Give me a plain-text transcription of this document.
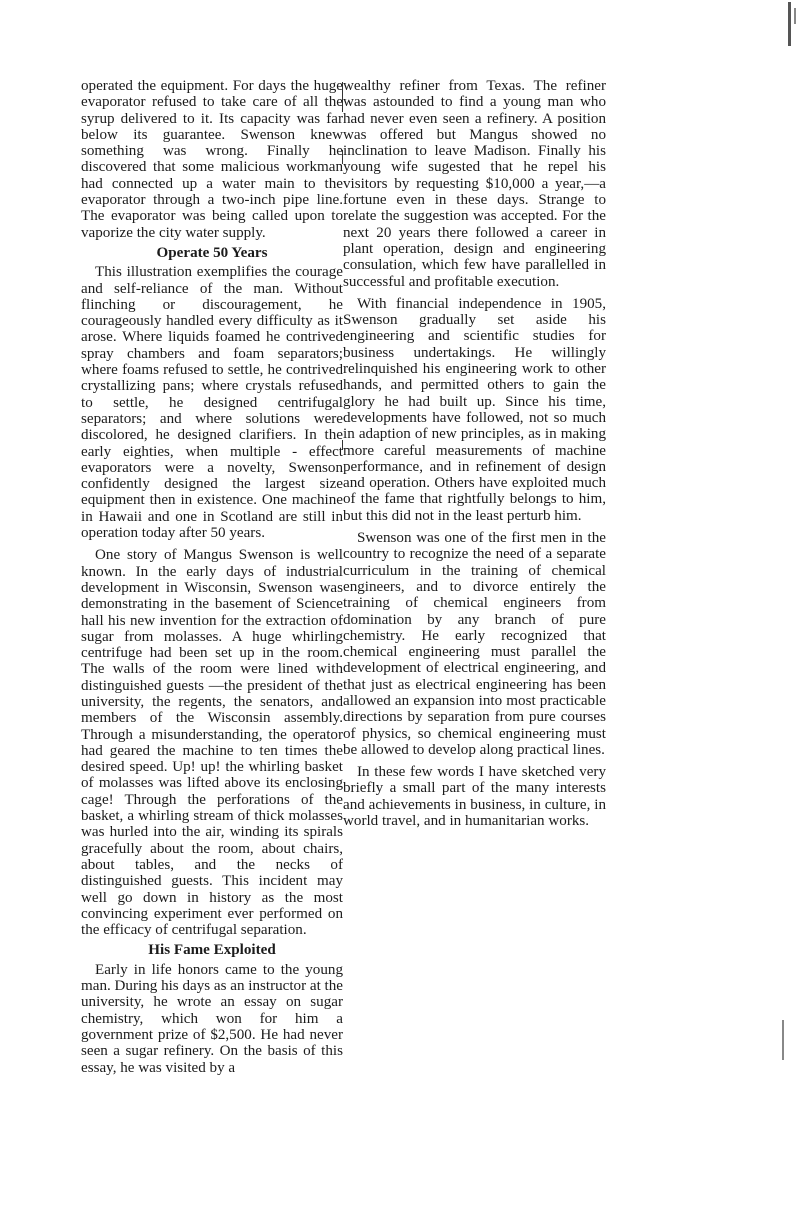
operated the equipment. For days the huge evaporator refused to take care of all the syrup delivered to it. Its capacity was far below its guarantee. Swenson knew something was wrong. Finally he discovered that some malicious workman had connected up a water main to the evaporator through a two-inch pipe line. The evaporator was being called upon to vaporize the city water supply.

Operate 50 Years

This illustration exemplifies the courage and self-reliance of the man. Without flinching or discouragement, he courageously handled every difficulty as it arose. Where liquids foamed he contrived spray chambers and foam separators; where foams refused to settle, he contrived crystallizing pans; where crystals refused to settle, he designed centrifugal separators; and where solutions were discolored, he designed clarifiers. In the early eighties, when multiple - effect evaporators were a novelty, Swenson confidently designed the largest size equipment then in existence. One machine in Hawaii and one in Scotland are still in operation today after 50 years.

One story of Mangus Swenson is well known. In the early days of industrial development in Wisconsin, Swenson was demonstrating in the basement of Science hall his new invention for the extraction of sugar from molasses. A huge whirling centrifuge had been set up in the room. The walls of the room were lined with distinguished guests —the president of the university, the regents, the senators, and members of the Wisconsin assembly. Through a misunderstanding, the operator had geared the machine to ten times the desired speed. Up! up! the whirling basket of molasses was lifted above its enclosing cage! Through the perforations of the basket, a whirling stream of thick molasses was hurled into the air, winding its spirals gracefully about the room, about chairs, about tables, and the necks of distinguished guests. This incident may well go down in history as the most convincing experiment ever performed on the efficacy of centrifugal separation.

His Fame Exploited

Early in life honors came to the young man. During his days as an instructor at the university, he wrote an essay on sugar chemistry, which won for him a government prize of $2,500. He had never seen a sugar refinery. On the basis of this essay, he was visited by a

wealthy refiner from Texas. The refiner was astounded to find a young man who had never even seen a refinery. A position was offered but Mangus showed no inclination to leave Madison. Finally his young wife sugested that he repel his visitors by requesting $10,000 a year,—a fortune even in these days. Strange to relate the suggestion was accepted. For the next 20 years there followed a career in plant operation, design and engineering consulation, which few have parallelled in successful and profitable execution.

With financial independence in 1905, Swenson gradually set aside his engineering and scientific studies for business undertakings. He willingly relinquished his engineering work to other hands, and permitted others to gain the glory he had built up. Since his time, developments have followed, not so much in adaption of new principles, as in making more careful measurements of machine performance, and in refinement of design and operation. Others have exploited much of the fame that rightfully belongs to him, but this did not in the least perturb him.

Swenson was one of the first men in the country to recognize the need of a separate curriculum in the training of chemical engineers, and to divorce entirely the training of chemical engineers from domination by any branch of pure chemistry. He early recognized that chemical engineering must parallel the development of electrical engineering, and that just as electrical engineering has been allowed an expansion into most practicable directions by separation from pure courses of physics, so chemical engineering must be allowed to develop along practical lines.

In these few words I have sketched very briefly a small part of the many interests and achievements in business, in culture, in world travel, and in humanitarian works.
